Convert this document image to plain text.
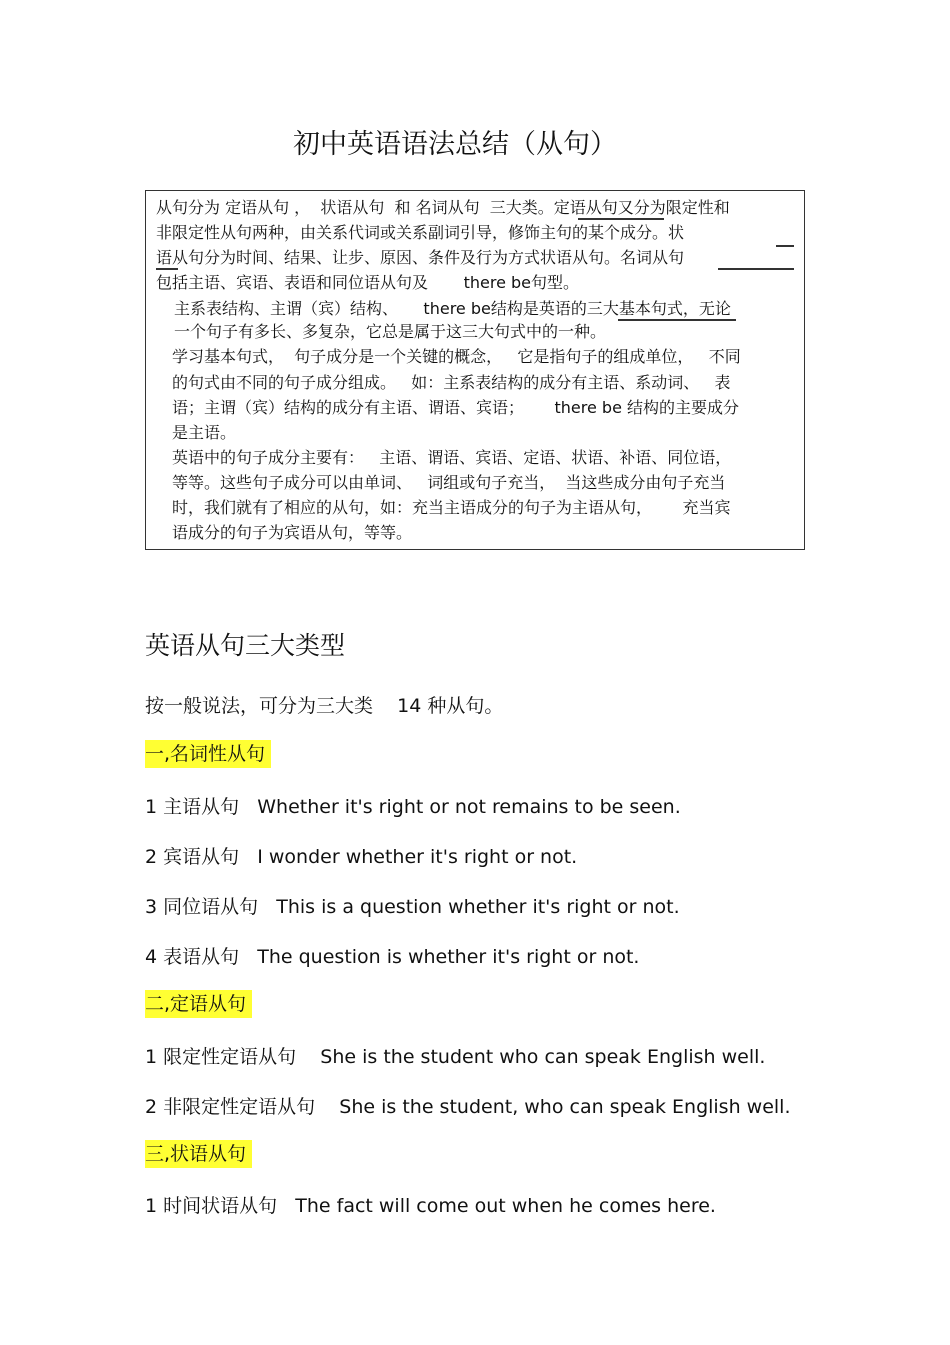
初中英语语法总结（从句）
从句分为 定语从句 ，  状语从句  和 名词从句  三大类。定语从句又分为限定性和
非限定性从句两种，由关系代词或关系副词引导，修饰主句的某个成分。状
语从句分为时间、结果、让步、原因、条件及行为方式状语从句。名词从句
包括主语、宾语、表语和同位语从句及       there be句型。
主系表结构、主谓（宾）结构、     there be结构是英语的三大基本句式，无论
一个句子有多长、多复杂，它总是属于这三大句式中的一种。
学习基本句式，  句子成分是一个关键的概念，   它是指句子的组成单位，   不同
的句式由不同的句子成分组成。   如：主系表结构的成分有主语、系动词、   表
语；主谓（宾）结构的成分有主语、谓语、宾语；      there be 结构的主要成分
是主语。
英语中的句子成分主要有：   主语、谓语、宾语、定语、状语、补语、同位语，
等等。这些句子成分可以由单词、   词组或句子充当，  当这些成分由句子充当
时，我们就有了相应的从句，如：充当主语成分的句子为主语从句，      充当宾
语成分的句子为宾语从句，等等。
英语从句三大类型
按一般说法，可分为三大类    14 种从句。
一,名词性从句
1 主语从句   Whether it's right or not remains to be seen.
2 宾语从句   I wonder whether it's right or not.
3 同位语从句   This is a question whether it's right or not.
4 表语从句   The question is whether it's right or not.
二,定语从句
1 限定性定语从句    She is the student who can speak English well.
2 非限定性定语从句    She is the student, who can speak English well.
三,状语从句
1 时间状语从句   The fact will come out when he comes here.
